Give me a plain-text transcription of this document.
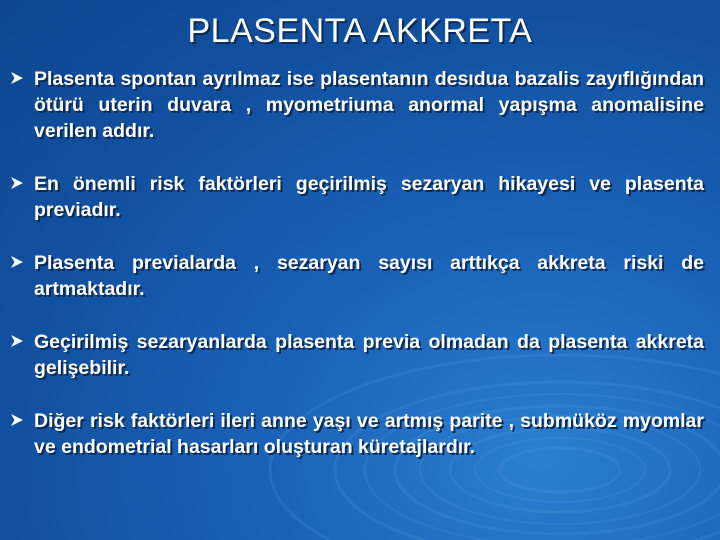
PLASENTA AKKRETA
Plasenta spontan ayrılmaz ise plasentanın desıdua bazalis zayıflığından ötürü uterin duvara , myometriuma anormal yapışma anomalisine verilen addır.
En önemli risk faktörleri geçirilmiş sezaryan hikayesi ve plasenta previadır.
Plasenta previalarda , sezaryan sayısı arttıkça akkreta riski de artmaktadır.
Geçirilmiş sezaryanlarda plasenta previa olmadan da plasenta akkreta gelişebilir.
Diğer risk faktörleri ileri anne yaşı ve artmış parite , submüköz myomlar ve endometrial hasarları oluşturan küretajlardır.
